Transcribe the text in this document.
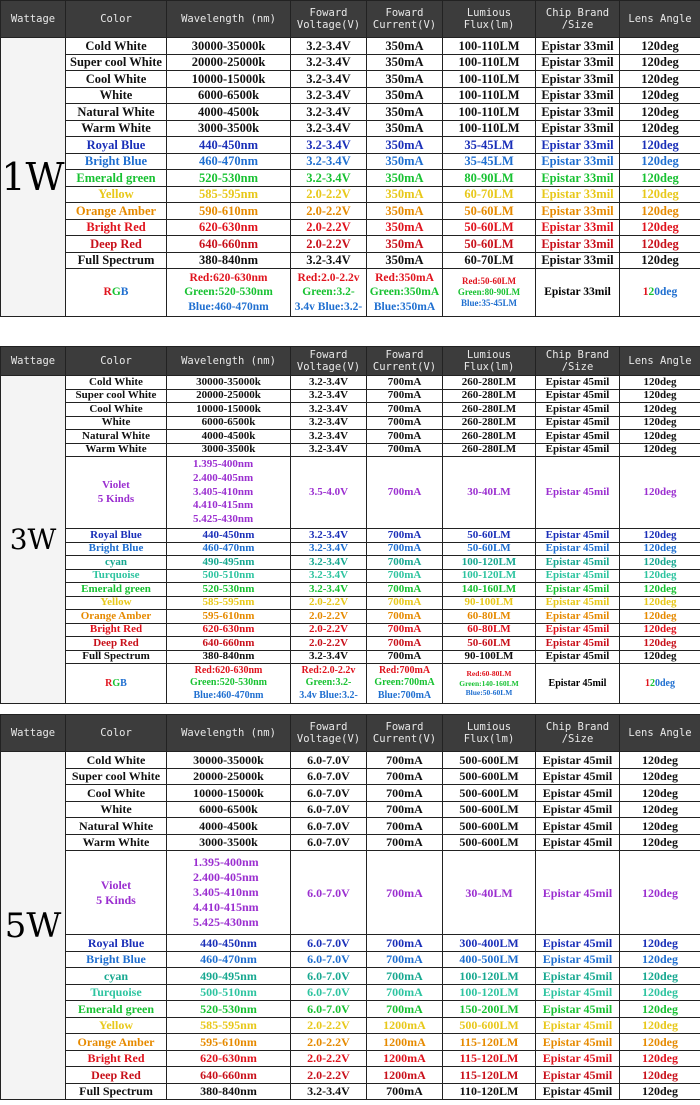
Wattage	Color	Wavelength (nm)	Foward Voltage(V)	Foward Current(V)	Lumious Flux(lm)	Chip Brand /Size	Lens Angle
1W	Cold White	30000-35000k	3.2-3.4V	350mA	100-110LM	Epistar 33mil	120deg
	Super cool White	20000-25000k	3.2-3.4V	350mA	100-110LM	Epistar 33mil	120deg
	Cool White	10000-15000k	3.2-3.4V	350mA	100-110LM	Epistar 33mil	120deg
	White	6000-6500k	3.2-3.4V	350mA	100-110LM	Epistar 33mil	120deg
	Natural White	4000-4500k	3.2-3.4V	350mA	100-110LM	Epistar 33mil	120deg
	Warm White	3000-3500k	3.2-3.4V	350mA	100-110LM	Epistar 33mil	120deg
	Royal Blue	440-450nm	3.2-3.4V	350mA	35-45LM	Epistar 33mil	120deg
	Bright Blue	460-470nm	3.2-3.4V	350mA	35-45LM	Epistar 33mil	120deg
	Emerald green	520-530nm	3.2-3.4V	350mA	80-90LM	Epistar 33mil	120deg
	Yellow	585-595nm	2.0-2.2V	350mA	60-70LM	Epistar 33mil	120deg
	Orange Amber	590-610nm	2.0-2.2V	350mA	50-60LM	Epistar 33mil	120deg
	Bright Red	620-630nm	2.0-2.2V	350mA	50-60LM	Epistar 33mil	120deg
	Deep Red	640-660nm	2.0-2.2V	350mA	50-60LM	Epistar 33mil	120deg
	Full Spectrum	380-840nm	3.2-3.4V	350mA	60-70LM	Epistar 33mil	120deg
	RGB	Red:620-630nm
Green:520-530nm
Blue:460-470nm	Red:2.0-2.2v
Green:3.2-
3.4v Blue:3.2-	Red:350mA
Green:350mA
Blue:350mA	Red:50-60LM
Green:80-90LM
Blue:35-45LM	Epistar 33mil	120deg
Wattage	Color	Wavelength (nm)	Foward Voltage(V)	Foward Current(V)	Lumious Flux(lm)	Chip Brand /Size	Lens Angle
3W	Cold White	30000-35000k	3.2-3.4V	700mA	260-280LM	Epistar 45mil	120deg
	Super cool White	20000-25000k	3.2-3.4V	700mA	260-280LM	Epistar 45mil	120deg
	Cool White	10000-15000k	3.2-3.4V	700mA	260-280LM	Epistar 45mil	120deg
	White	6000-6500k	3.2-3.4V	700mA	260-280LM	Epistar 45mil	120deg
	Natural White	4000-4500k	3.2-3.4V	700mA	260-280LM	Epistar 45mil	120deg
	Warm White	3000-3500k	3.2-3.4V	700mA	260-280LM	Epistar 45mil	120deg

	Violet
5 Kinds	1.395-400nm
2.400-405nm
3.405-410nm
4.410-415nm
5.425-430nm	3.5-4.0V	700mA	30-40LM	Epistar 45mil	120deg
	Royal Blue	440-450nm	3.2-3.4V	700mA	50-60LM	Epistar 45mil	120deg
	Bright Blue	460-470nm	3.2-3.4V	700mA	50-60LM	Epistar 45mil	120deg
	cyan	490-495nm	3.2-3.4V	700mA	100-120LM	Epistar 45mil	120deg
	Turquoise	500-510nm	3.2-3.4V	700mA	100-120LM	Epistar 45mil	120deg
	Emerald green	520-530nm	3.2-3.4V	700mA	140-160LM	Epistar 45mil	120deg
	Yellow	585-595nm	2.0-2.2V	700mA	90-100LM	Epistar 45mil	120deg
	Orange Amber	595-610nm	2.0-2.2V	700mA	60-80LM	Epistar 45mil	120deg
	Bright Red	620-630nm	2.0-2.2V	700mA	60-80LM	Epistar 45mil	120deg
	Deep Red	640-660nm	2.0-2.2V	700mA	50-60LM	Epistar 45mil	120deg
	Full Spectrum	380-840nm	3.2-3.4V	700mA	90-100LM	Epistar 45mil	120deg
	RGB	Red:620-630nm
Green:520-530nm
Blue:460-470nm	Red:2.0-2.2v
Green:3.2-
3.4v Blue:3.2-	Red:700mA
Green:700mA
Blue:700mA	Red:60-80LM
Green:140-160LM
Blue:50-60LM	Epistar 45mil	120deg
Wattage	Color	Wavelength (nm)	Foward Voltage(V)	Foward Current(V)	Lumious Flux(lm)	Chip Brand /Size	Lens Angle
5W	Cold White	30000-35000k	6.0-7.0V	700mA	500-600LM	Epistar 45mil	120deg
	Super cool White	20000-25000k	6.0-7.0V	700mA	500-600LM	Epistar 45mil	120deg
	Cool White	10000-15000k	6.0-7.0V	700mA	500-600LM	Epistar 45mil	120deg
	White	6000-6500k	6.0-7.0V	700mA	500-600LM	Epistar 45mil	120deg
	Natural White	4000-4500k	6.0-7.0V	700mA	500-600LM	Epistar 45mil	120deg
	Warm White	3000-3500k	6.0-7.0V	700mA	500-600LM	Epistar 45mil	120deg

	Violet
5 Kinds	1.395-400nm
2.400-405nm
3.405-410nm
4.410-415nm
5.425-430nm	6.0-7.0V	700mA	30-40LM	Epistar 45mil	120deg
	Royal Blue	440-450nm	6.0-7.0V	700mA	300-400LM	Epistar 45mil	120deg
	Bright Blue	460-470nm	6.0-7.0V	700mA	400-500LM	Epistar 45mil	120deg
	cyan	490-495nm	6.0-7.0V	700mA	100-120LM	Epistar 45mil	120deg
	Turquoise	500-510nm	6.0-7.0V	700mA	100-120LM	Epistar 45mil	120deg
	Emerald green	520-530nm	6.0-7.0V	700mA	150-200LM	Epistar 45mil	120deg
	Yellow	585-595nm	2.0-2.2V	1200mA	500-600LM	Epistar 45mil	120deg
	Orange Amber	595-610nm	2.0-2.2V	1200mA	115-120LM	Epistar 45mil	120deg
	Bright Red	620-630nm	2.0-2.2V	1200mA	115-120LM	Epistar 45mil	120deg
	Deep Red	640-660nm	2.0-2.2V	1200mA	115-120LM	Epistar 45mil	120deg
	Full Spectrum	380-840nm	3.2-3.4V	700mA	110-120LM	Epistar 45mil	120deg
